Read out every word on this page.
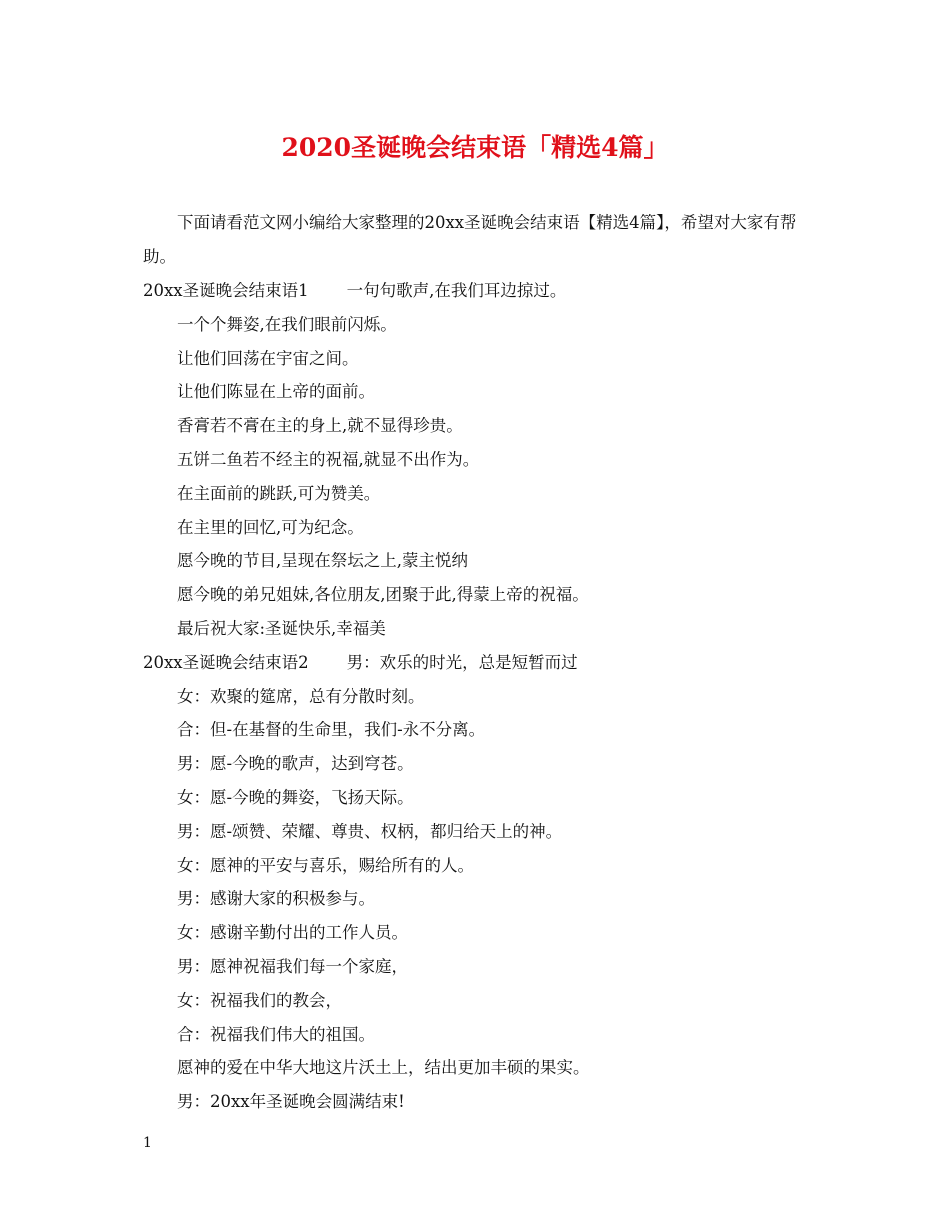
2020圣诞晚会结束语「精选4篇」
下面请看范文网小编给大家整理的20xx圣诞晚会结束语【精选4篇】，希望对大家有帮助。
20xx圣诞晚会结束语1 一句句歌声,在我们耳边掠过。
一个个舞姿,在我们眼前闪烁。
让他们回荡在宇宙之间。
让他们陈显在上帝的面前。
香膏若不膏在主的身上,就不显得珍贵。
五饼二鱼若不经主的祝福,就显不出作为。
在主面前的跳跃,可为赞美。
在主里的回忆,可为纪念。
愿今晚的节目,呈现在祭坛之上,蒙主悦纳
愿今晚的弟兄姐妹,各位朋友,团聚于此,得蒙上帝的祝福。
最后祝大家:圣诞快乐,幸福美
20xx圣诞晚会结束语2 男：欢乐的时光，总是短暂而过
女：欢聚的筵席，总有分散时刻。
合：但-在基督的生命里，我们-永不分离。
男：愿-今晚的歌声，达到穹苍。
女：愿-今晚的舞姿，飞扬天际。
男：愿-颂赞、荣耀、尊贵、权柄，都归给天上的神。
女：愿神的平安与喜乐，赐给所有的人。
男：感谢大家的积极参与。
女：感谢辛勤付出的工作人员。
男：愿神祝福我们每一个家庭，
女：祝福我们的教会，
合：祝福我们伟大的祖国。
愿神的爱在中华大地这片沃土上，结出更加丰硕的果实。
男：20xx年圣诞晚会圆满结束!
1
